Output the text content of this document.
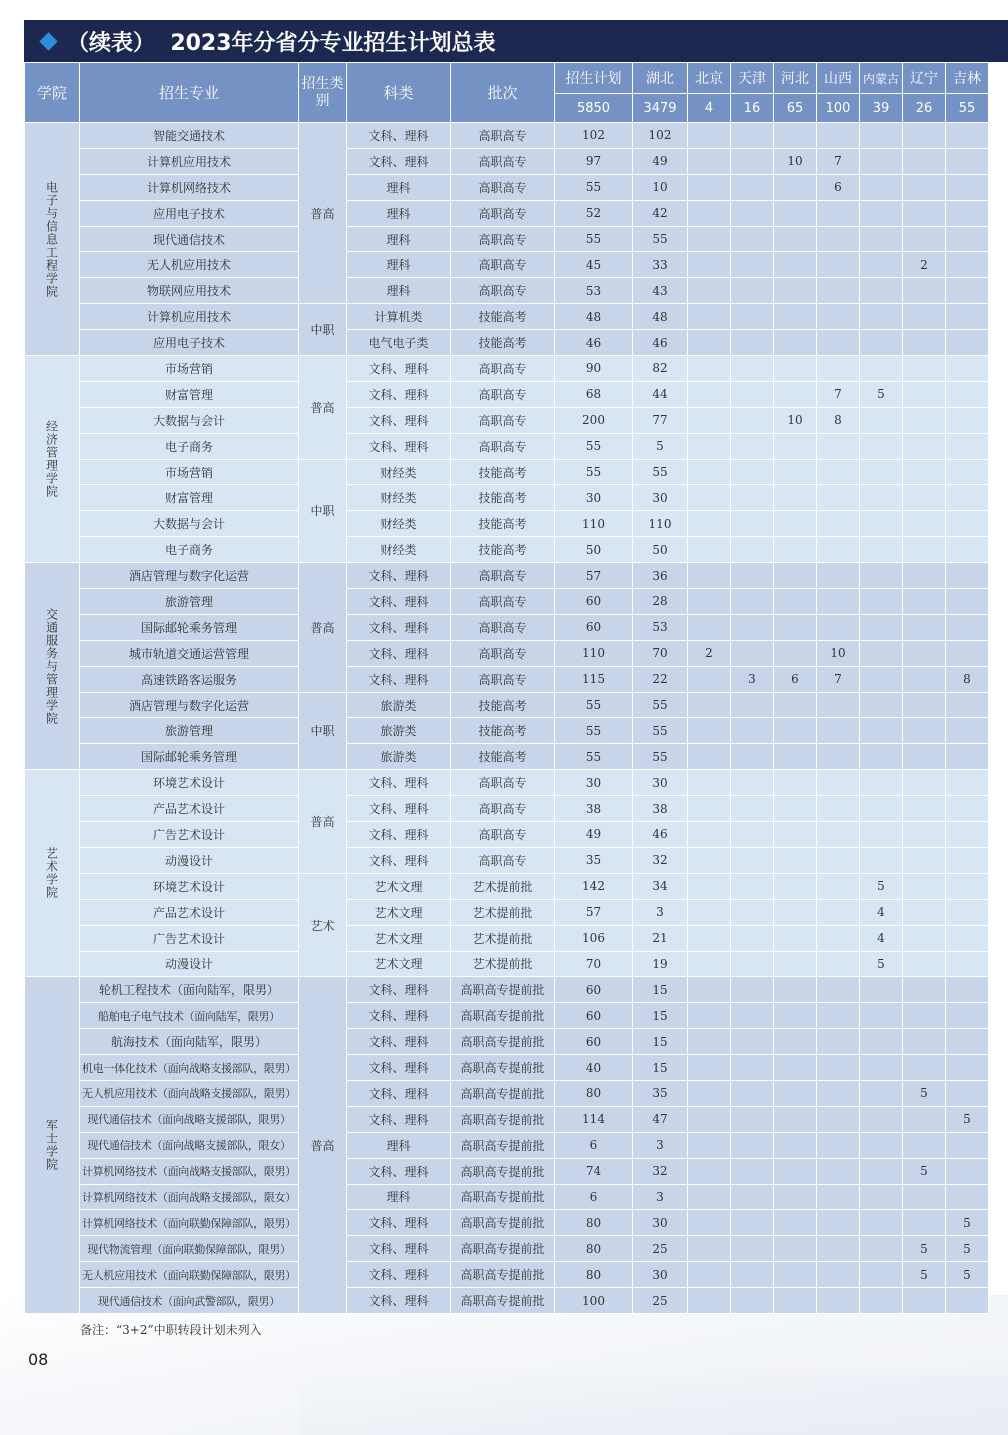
（续表）  2023年分省分专业招生计划总表
学院	招生专业	招生类别	科类	批次	招生计划	湖北	北京	天津	河北	山西	内蒙古	辽宁	吉林
					5850	3479	4	16	65	100	39	26	55

电子与信息工程学院	智能交通技术	普高	文科、理科	高职高专	102	102							
	计算机应用技术		文科、理科	高职高专	97	49			10	7			
	计算机网络技术		理科	高职高专	55	10				6			
	应用电子技术		理科	高职高专	52	42							
	现代通信技术		理科	高职高专	55	55							
	无人机应用技术		理科	高职高专	45	33						2	
	物联网应用技术		理科	高职高专	53	43							
	计算机应用技术	中职	计算机类	技能高考	48	48							
	应用电子技术		电气电子类	技能高考	46	46							

经济管理学院	市场营销	普高	文科、理科	高职高专	90	82							
	财富管理		文科、理科	高职高专	68	44				7	5		
	大数据与会计		文科、理科	高职高专	200	77			10	8			
	电子商务		文科、理科	高职高专	55	5							
	市场营销	中职	财经类	技能高考	55	55							
	财富管理		财经类	技能高考	30	30							
	大数据与会计		财经类	技能高考	110	110							
	电子商务		财经类	技能高考	50	50							

交通服务与管理学院	酒店管理与数字化运营	普高	文科、理科	高职高专	57	36							
	旅游管理		文科、理科	高职高专	60	28							
	国际邮轮乘务管理		文科、理科	高职高专	60	53							
	城市轨道交通运营管理		文科、理科	高职高专	110	70	2			10			
	高速铁路客运服务		文科、理科	高职高专	115	22		3	6	7			8
	酒店管理与数字化运营	中职	旅游类	技能高考	55	55							
	旅游管理		旅游类	技能高考	55	55							
	国际邮轮乘务管理		旅游类	技能高考	55	55							

艺术学院	环境艺术设计	普高	文科、理科	高职高专	30	30							
	产品艺术设计		文科、理科	高职高专	38	38							
	广告艺术设计		文科、理科	高职高专	49	46							
	动漫设计		文科、理科	高职高专	35	32							
	环境艺术设计	艺术	艺术文理	艺术提前批	142	34					5		
	产品艺术设计		艺术文理	艺术提前批	57	3					4		
	广告艺术设计		艺术文理	艺术提前批	106	21					4		
	动漫设计		艺术文理	艺术提前批	70	19					5		

军士学院	轮机工程技术（面向陆军，限男）	普高	文科、理科	高职高专提前批	60	15							
	船舶电子电气技术（面向陆军，限男）		文科、理科	高职高专提前批	60	15							
	航海技术（面向陆军，限男）		文科、理科	高职高专提前批	60	15							
	机电一体化技术（面向战略支援部队，限男）		文科、理科	高职高专提前批	40	15							
	无人机应用技术（面向战略支援部队，限男）		文科、理科	高职高专提前批	80	35						5	
	现代通信技术（面向战略支援部队，限男）		文科、理科	高职高专提前批	114	47							5
	现代通信技术（面向战略支援部队，限女）		理科	高职高专提前批	6	3							
	计算机网络技术（面向战略支援部队，限男）		文科、理科	高职高专提前批	74	32						5	
	计算机网络技术（面向战略支援部队，限女）		理科	高职高专提前批	6	3							
	计算机网络技术（面向联勤保障部队，限男）		文科、理科	高职高专提前批	80	30							5
	现代物流管理（面向联勤保障部队，限男）		文科、理科	高职高专提前批	80	25						5	5
	无人机应用技术（面向联勤保障部队，限男）		文科、理科	高职高专提前批	80	30						5	5
	现代通信技术（面向武警部队，限男）		文科、理科	高职高专提前批	100	25							
备注：“3+2”中职转段计划未列入
08
